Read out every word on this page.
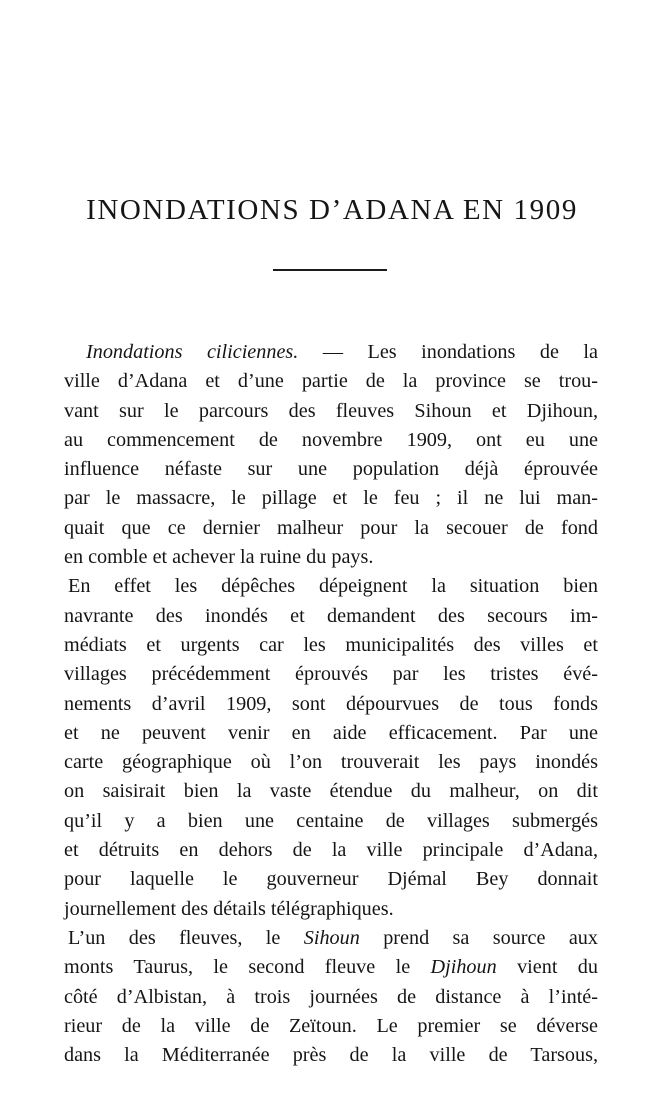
INONDATIONS D’ADANA EN 1909
Inondations ciliciennes. — Les inondations de la
ville d’Adana et d’une partie de la province se trou-
vant sur le parcours des fleuves Sihoun et Djihoun,
au commencement de novembre 1909, ont eu une
influence néfaste sur une population déjà éprouvée
par le massacre, le pillage et le feu ; il ne lui man-
quait que ce dernier malheur pour la secouer de fond
en comble et achever la ruine du pays.
En effet les dépêches dépeignent la situation bien
navrante des inondés et demandent des secours im-
médiats et urgents car les municipalités des villes et
villages précédemment éprouvés par les tristes évé-
nements d’avril 1909, sont dépourvues de tous fonds
et ne peuvent venir en aide efficacement. Par une
carte géographique où l’on trouverait les pays inondés
on saisirait bien la vaste étendue du malheur, on dit
qu’il y a bien une centaine de villages submergés
et détruits en dehors de la ville principale d’Adana,
pour laquelle le gouverneur Djémal Bey donnait
journellement des détails télégraphiques.
L’un des fleuves, le Sihoun prend sa source aux
monts Taurus, le second fleuve le Djihoun vient du
côté d’Albistan, à trois journées de distance à l’inté-
rieur de la ville de Zeïtoun. Le premier se déverse
dans la Méditerranée près de la ville de Tarsous,
